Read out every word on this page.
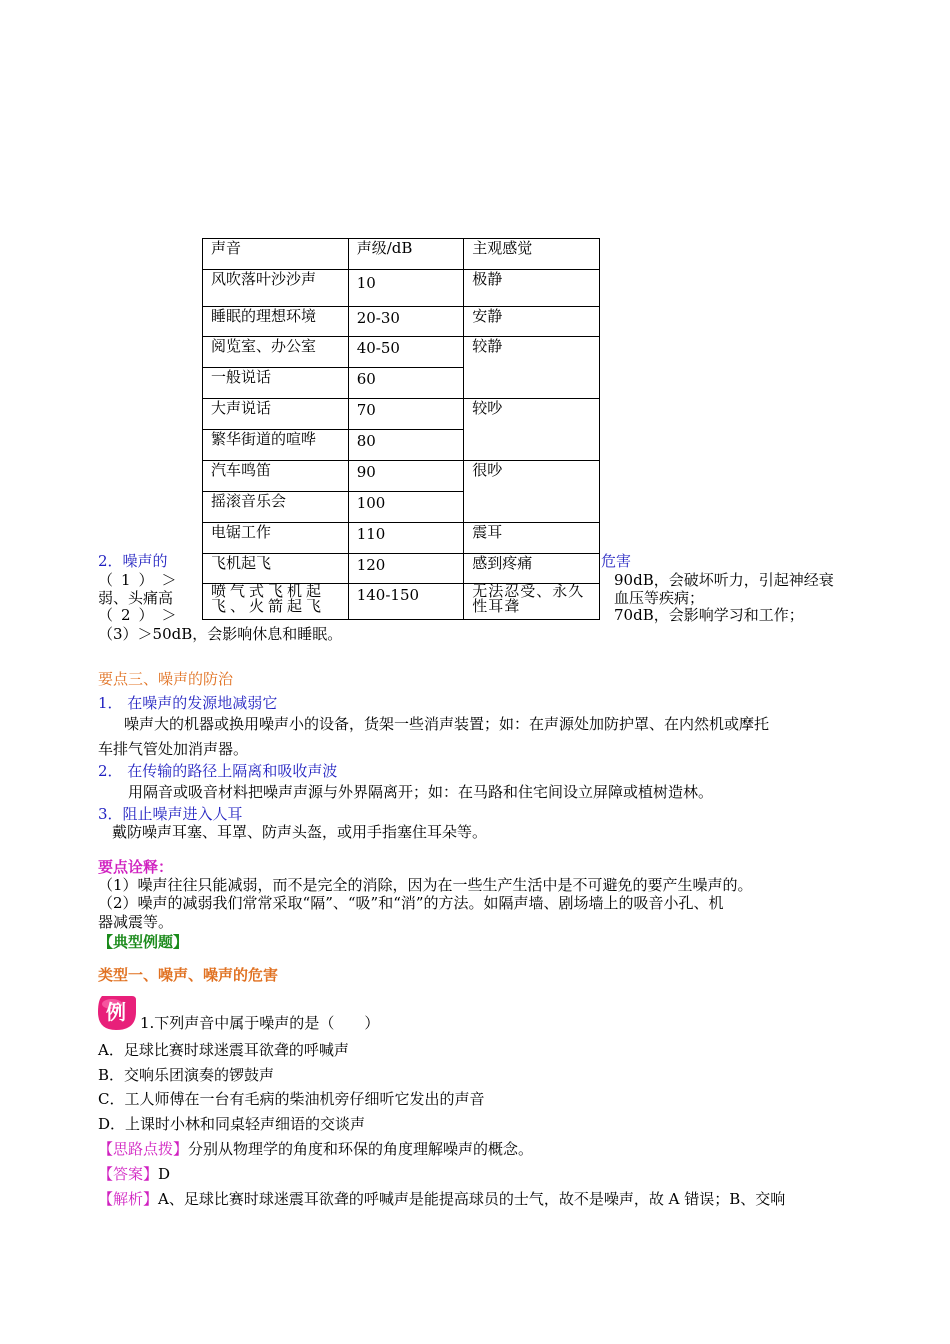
声音	声级/dB	主观感觉
风吹落叶沙沙声	10	极静
睡眠的理想环境	20-30	安静
阅览室、办公室	40-50	较静
一般说话	60	
大声说话	70	较吵
繁华街道的喧哗	80	
汽车鸣笛	90	很吵
摇滚音乐会	100	
电锯工作	110	震耳
飞机起飞	120	感到疼痛
喷气式飞机起飞、火箭起飞	140-150	无法忍受、永久性耳聋
2．噪声的	危害
（1）＞	90dB，会破坏听力，引起神经衰
弱、头痛高	血压等疾病；
（2）＞	70dB，会影响学习和工作；
（3）＞50dB，会影响休息和睡眠。
要点三、噪声的防治
1． 在噪声的发源地减弱它
噪声大的机器或换用噪声小的设备，货架一些消声装置；如：在声源处加防护罩、在内然机或摩托
车排气管处加消声器。
2． 在传输的路径上隔离和吸收声波
用隔音或吸音材料把噪声声源与外界隔离开；如：在马路和住宅间设立屏障或植树造林。
3．阻止噪声进入人耳
戴防噪声耳塞、耳罩、防声头盔，或用手指塞住耳朵等。
要点诠释：
（1）噪声往往只能减弱，而不是完全的消除，因为在一些生产生活中是不可避免的要产生噪声的。
（2）噪声的减弱我们常常采取“隔”、“吸”和“消”的方法。如隔声墙、剧场墙上的吸音小孔、机
器减震等。
【典型例题】
类型一、噪声、噪声的危害
例 1.下列声音中属于噪声的是（　　）
A．足球比赛时球迷震耳欲聋的呼喊声
B．交响乐团演奏的锣鼓声
C．工人师傅在一台有毛病的柴油机旁仔细听它发出的声音
D．上课时小林和同桌轻声细语的交谈声
【思路点拨】分别从物理学的角度和环保的角度理解噪声的概念。
【答案】D
【解析】A、足球比赛时球迷震耳欲聋的呼喊声是能提高球员的士气，故不是噪声，故 A 错误；B、交响
